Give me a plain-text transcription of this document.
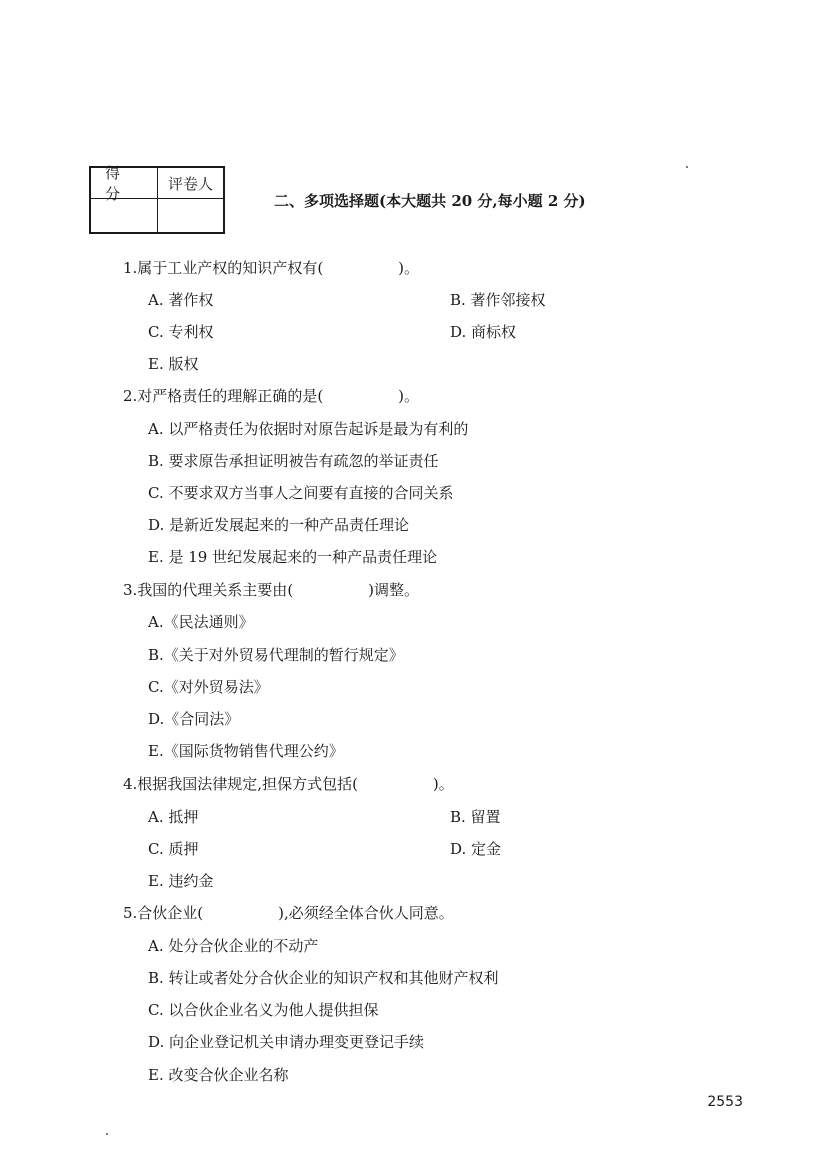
得 分
评卷人
二、多项选择题(本大题共 20 分,每小题 2 分)
1.属于工业产权的知识产权有(　　　　　)。
A. 著作权	B. 著作邻接权
C. 专利权	D. 商标权
E. 版权
2.对严格责任的理解正确的是(　　　　　)。
A. 以严格责任为依据时对原告起诉是最为有利的
B. 要求原告承担证明被告有疏忽的举证责任
C. 不要求双方当事人之间要有直接的合同关系
D. 是新近发展起来的一种产品责任理论
E. 是 19 世纪发展起来的一种产品责任理论
3.我国的代理关系主要由(　　　　　)调整。
A.《民法通则》
B.《关于对外贸易代理制的暂行规定》
C.《对外贸易法》
D.《合同法》
E.《国际货物销售代理公约》
4.根据我国法律规定,担保方式包括(　　　　　)。
A. 抵押	B. 留置
C. 质押	D. 定金
E. 违约金
5.合伙企业(　　　　　),必须经全体合伙人同意。
A. 处分合伙企业的不动产
B. 转让或者处分合伙企业的知识产权和其他财产权利
C. 以合伙企业名义为他人提供担保
D. 向企业登记机关申请办理变更登记手续
E. 改变合伙企业名称
2553
